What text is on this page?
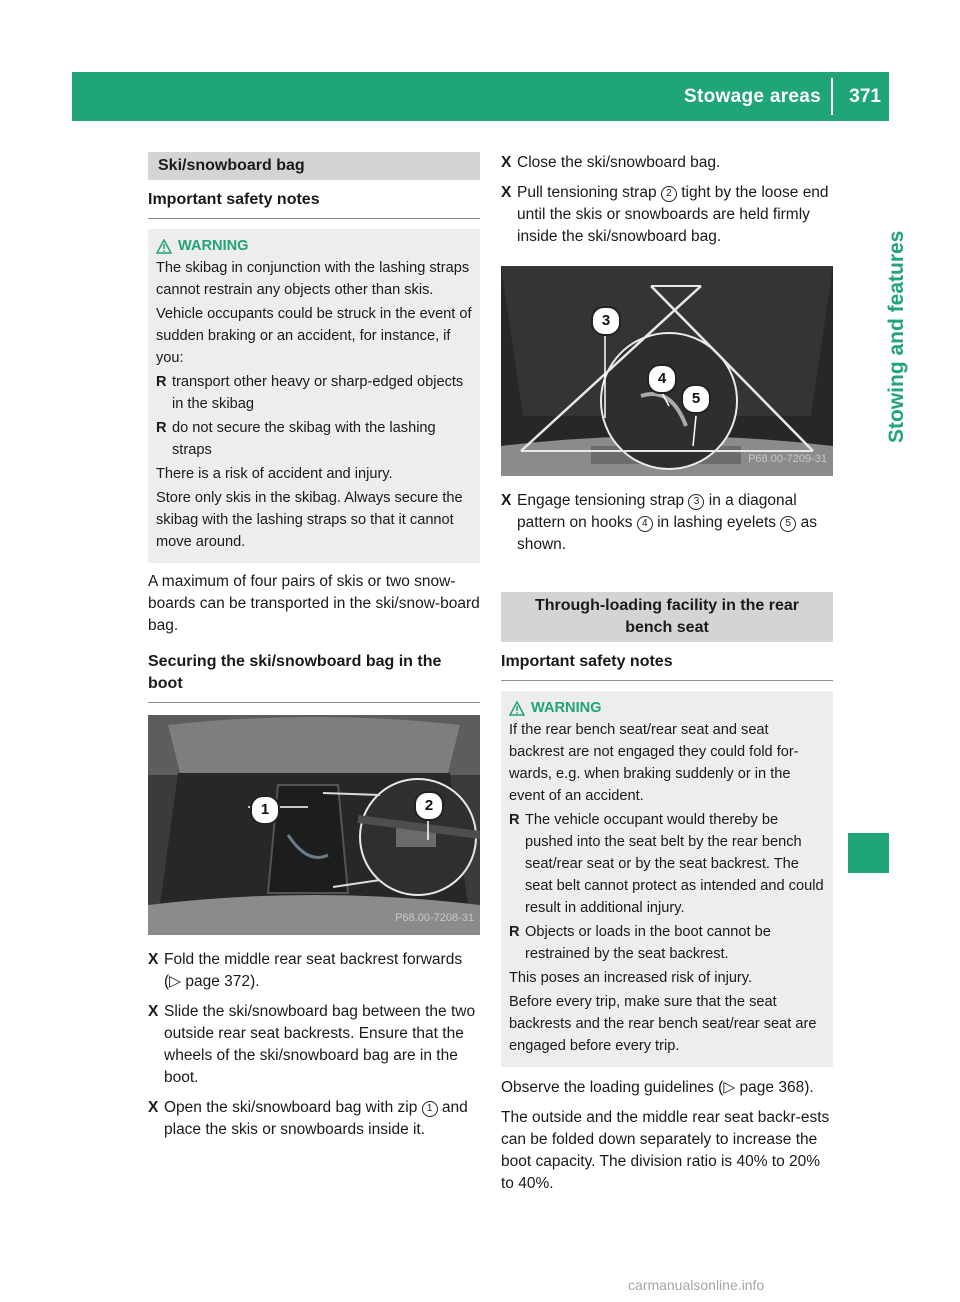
Stowage areas 371
Stowing and features
Ski/snowboard bag
Important safety notes
WARNING

The skibag in conjunction with the lashing straps cannot restrain any objects other than skis.

Vehicle occupants could be struck in the event of sudden braking or an accident, for instance, if you:

R transport other heavy or sharp-edged objects in the skibag
R do not secure the skibag with the lashing straps

There is a risk of accident and injury.

Store only skis in the skibag. Always secure the skibag with the lashing straps so that it cannot move around.

A maximum of four pairs of skis or two snow-boards can be transported in the ski/snow-board bag.
Securing the ski/snowboard bag in the boot
1	2
P68.00-7208-31
X Fold the middle rear seat backrest forwards (▷ page 372).
X Slide the ski/snowboard bag between the two outside rear seat backrests. Ensure that the wheels of the ski/snowboard bag are in the boot.
X Open the ski/snowboard bag with zip 1 and place the skis or snowboards inside it.
X Close the ski/snowboard bag.
X Pull tensioning strap 2 tight by the loose end until the skis or snowboards are held firmly inside the ski/snowboard bag.
3
4
5
P68.00-7209-31
X Engage tensioning strap 3 in a diagonal pattern on hooks 4 in lashing eyelets 5 as shown.
Through-loading facility in the rear bench seat
Important safety notes
WARNING

If the rear bench seat/rear seat and seat backrest are not engaged they could fold for-wards, e.g. when braking suddenly or in the event of an accident.

R The vehicle occupant would thereby be pushed into the seat belt by the rear bench seat/rear seat or by the seat backrest. The seat belt cannot protect as intended and could result in additional injury.
R Objects or loads in the boot cannot be restrained by the seat backrest.

This poses an increased risk of injury.

Before every trip, make sure that the seat backrests and the rear bench seat/rear seat are engaged before every trip.

Observe the loading guidelines (▷ page 368).
The outside and the middle rear seat backr-ests can be folded down separately to increase the boot capacity. The division ratio is 40% to 20% to 40%.
carmanualsonline.info
